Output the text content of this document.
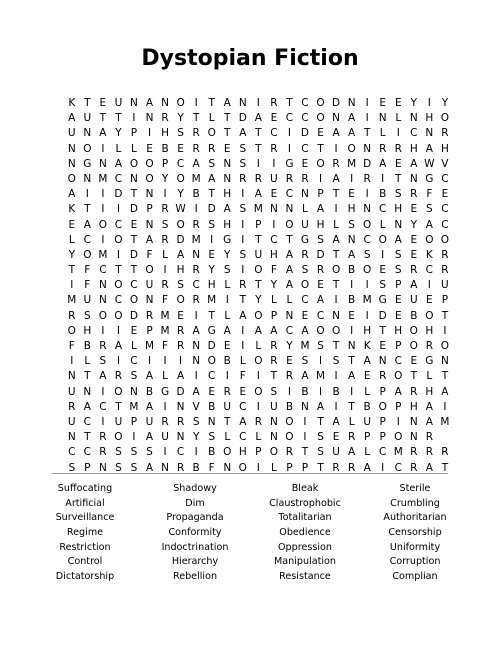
Dystopian Fiction
K T E U N A N O I	T A N I R T C O D N I	E E Y	I	Y
A U T T	I N R Y T L T D A E C C O N A I N L N H O
U N A Y P	I H S R O T A T C I D E A A T L	I C N R
N O I	L L E B E R R E S T R I C T	I O N R R H A H
N G N A O O P C A S N S	I	I G E O R M D A E A W V
O N M C N O Y O M A N R R U R R I A I R I	T N G C
A I	I D T N I	Y B T H I A E C N P T E	I B S R F E
K T	I	I D P R W I D A S M N N L A I H N C H E S C
E A O C E N S O R S H I	P	I O U H L S O L N Y A C
L C I O T A R D M I G I	T C T G S A N C O A E O O
Y O M I D F L A N E Y S U H A R D T A S	I	S E K R
T F C T T O I H R Y S	I O F A S R O B O E S R C R
I	F N O C U R S C H L R T Y A O E T	I	I	S P A I U
M U N C O N F O R M I	T Y L L C A I B M G E U E P
R S O O D R M E	I	T L A O P N E C N E	I D E B O T
O H I	I	E P M R A G A I A A C A O O I H T H O H I
F B R A L M F R N D E	I	L R Y M S T N K E P O R O
I	L S	I C I	I	I N O B L O R E S	I	S T A N C E G N
N T A R S A L A I C I	F	I	T R A M I A E R O T L T
U N I O N B G D A E R E O S	I B I B I	L P A R H A
R A C T M A I N V B U C I U B N A I	T B O P H A I
U C I U P U R R S N T A R N O I	T A L U P	I N A M
N T R O I A U N Y S L C L N O I	S E R P P O N R
C C R S S S	I C I B O H P O R T S U A L C M R R R
S P N S S A N R B F N O I	L P P T R R A I C R A T
Suffocating	Shadowy	Bleak	Sterile
Artificial	Dim	Claustrophobic	Crumbling
Surveillance	Propaganda	Totalitarian	Authoritarian
Regime	Conformity	Obedience	Censorship
Restriction	Indoctrination	Oppression	Uniformity
Control	Hierarchy	Manipulation	Corruption
Dictatorship	Rebellion	Resistance	Complian
